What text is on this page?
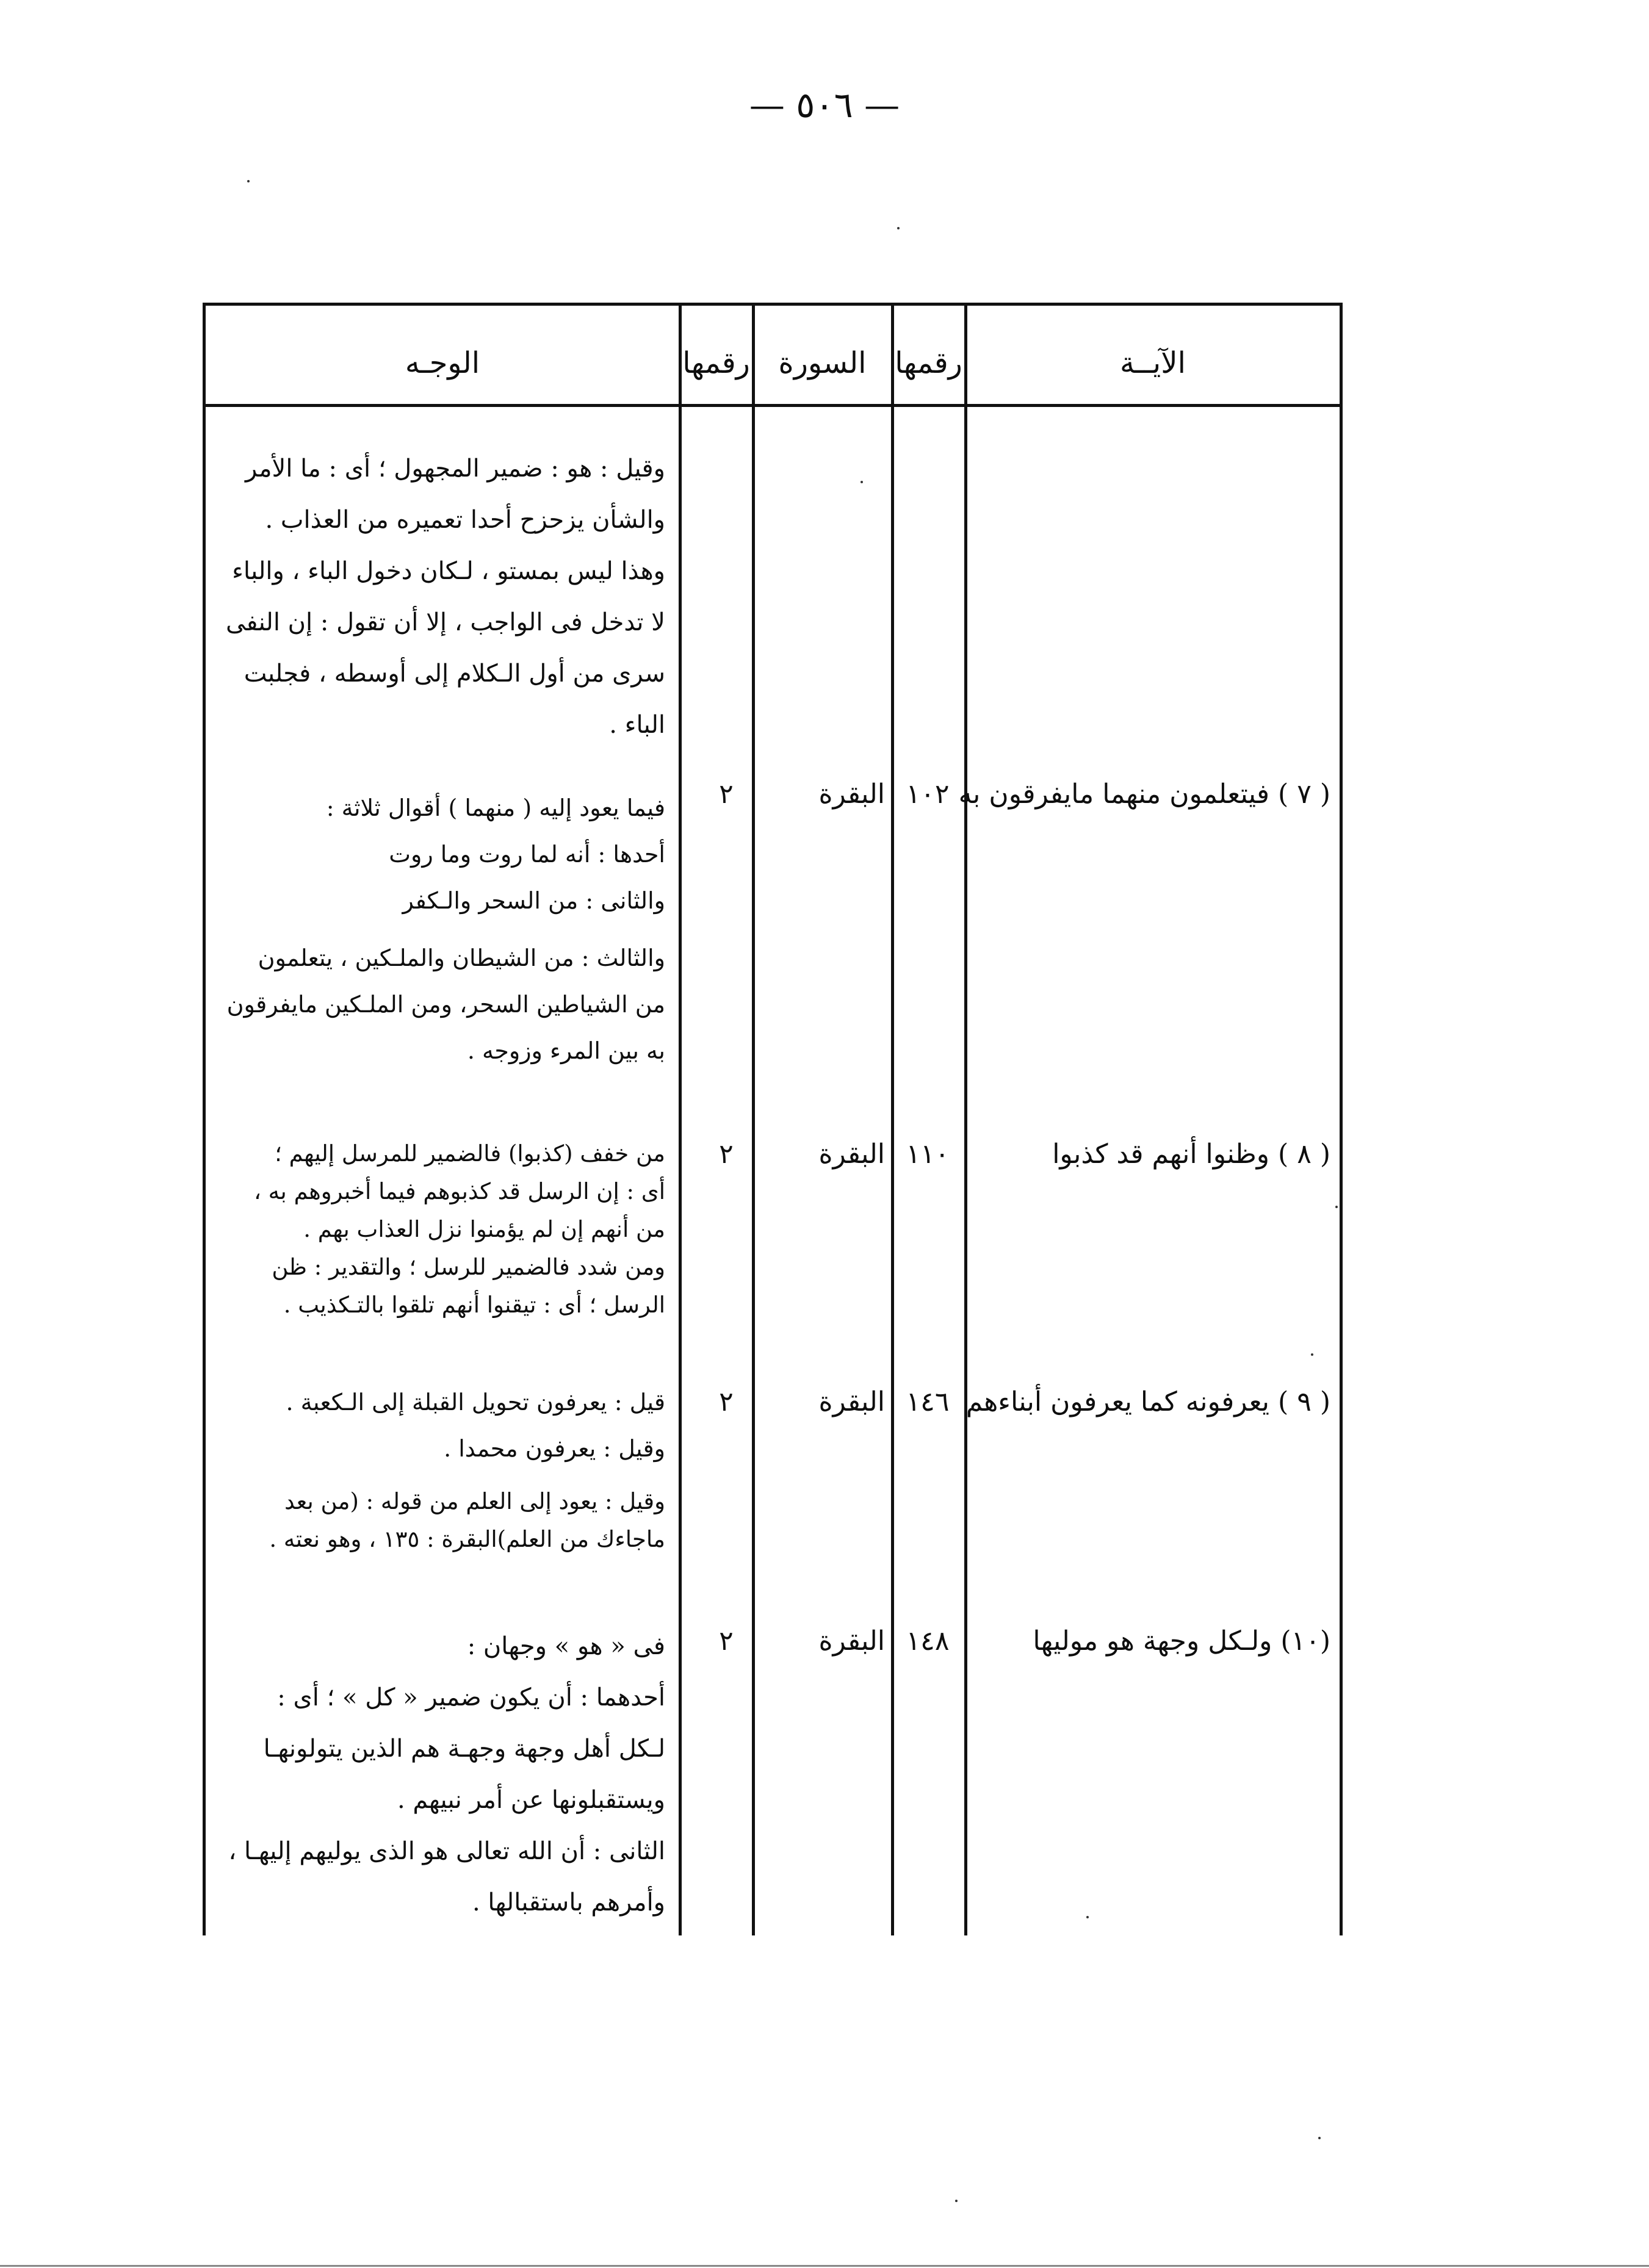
— ٥٠٦ —
الوجـه	رقمها السورة رقمها	الآيــة
وقيل : هو : ضمير المجهول ؛ أى : ما الأمر
والشأن يزحزح أحدا تعميره من العذاب .
وهذا ليس بمستو ، لـكان دخول الباء ، والباء
لا تدخل فى الواجب ، إلا أن تقول : إن النفى
سرى من أول الـكلام إلى أوسطه ، فجلبت
الباء .
( ٧ ) فيتعلمون منهما مايفرقون به
١٠٢
البقرة
٢
فيما يعود إليه ( منهما ) أقوال ثلاثة :
أحدها : أنه لما روت وما روت
والثانى : من السحر والـكفر
والثالث : من الشيطان والملـكين ، يتعلمون
من الشياطين السحر، ومن الملـكين مايفرقون
به بين المرء وزوجه .
( ٨ ) وظنوا أنهم قد كذبوا
١١٠
البقرة
٢
من خفف (كذبوا) فالضمير للمرسل إليهم ؛
أى : إن الرسل قد كذبوهم فيما أخبروهم به ،
من أنهم إن لم يؤمنوا نزل العذاب بهم .
ومن شدد فالضمير للرسل ؛ والتقدير : ظن
الرسل ؛ أى : تيقنوا أنهم تلقوا بالتـكذيب .
( ٩ ) يعرفونه كما يعرفون أبناءهم
١٤٦
البقرة
٢
قيل : يعرفون تحويل القبلة إلى الـكعبة .
وقيل : يعرفون محمدا .
وقيل : يعود إلى العلم من قوله : (من بعد
ماجاءك من العلم)البقرة : ١٣٥ ، وهو نعته .
(١٠) ولـكل وجهة هو موليها
١٤٨
البقرة
٢
فى « هو » وجهان :
أحدهما : أن يكون ضمير « كل » ؛ أى :
لـكل أهل وجهة وجهـة هم الذين يتولونهـا
ويستقبلونها عن أمر نبيهم .
الثانى : أن الله تعالى هو الذى يوليهم إليهـا ،
وأمرهم باستقبالها .
